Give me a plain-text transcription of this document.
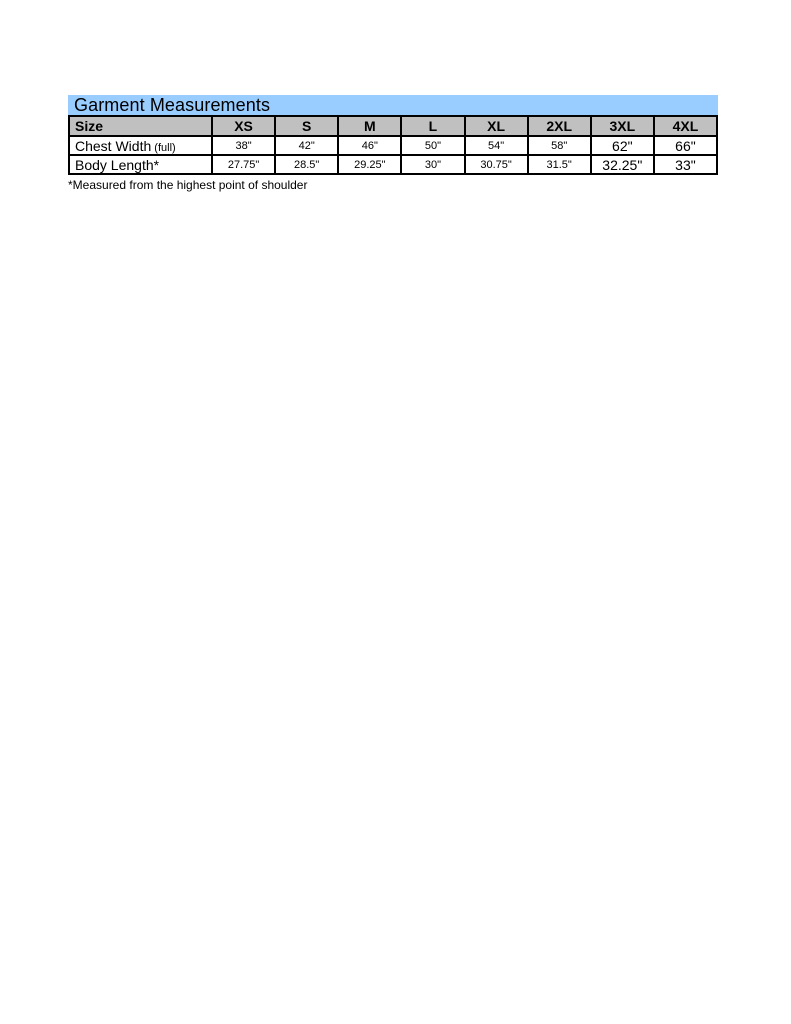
Garment Measurements
Size	XS	S	M	L	XL	2XL	3XL	4XL
Chest Width (full)	38"	42"	46"	50"	54"	58"	62"	66"
Body Length*	27.75"	28.5"	29.25"	30"	30.75"	31.5"	32.25"	33"
*Measured from the highest point of shoulder
